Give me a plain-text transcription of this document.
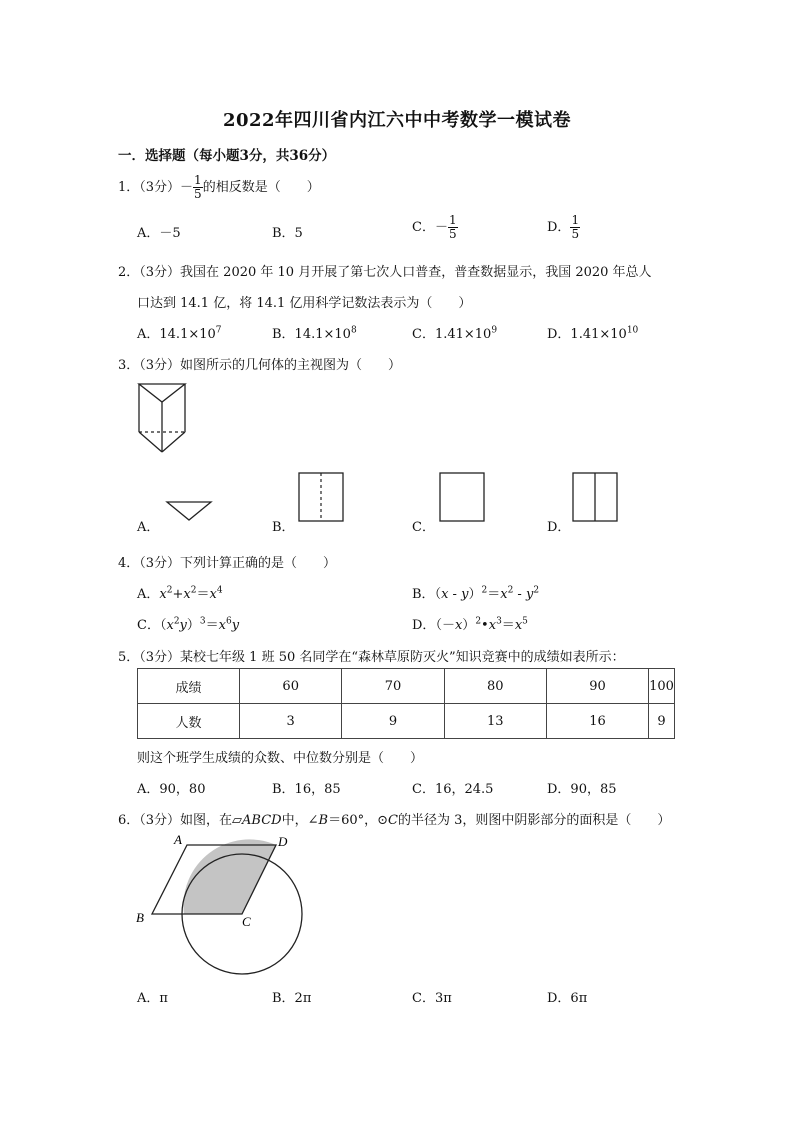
2022年四川省内江六中中考数学一模试卷
一．选择题（每小题3分，共36分）
1．（3分）－ $\frac{1}{5}$ 的相反数是（　　）
A．－5	B．5	C．－ $\frac{1}{5}$	D． $\frac{1}{5}$
2．（3分）我国在 2020 年 10 月开展了第七次人口普查，普查数据显示，我国 2020 年总人
口达到 14.1 亿，将 14.1 亿用科学记数法表示为（　　）
A．$14.1\times 10^7$	B．$14.1\times 10^8$	C．$1.41\times 10^9$	D．$1.41\times 10^{10}$
3．（3分）如图所示的几何体的主视图为（　　）
A．	B．	C．	D．
4．（3分）下列计算正确的是（　　）
A．$x^2+x^2=x^4$	B．$(x - y)^2=x^2 - y^2$
C．$(x^2y)^3=x^6y$	D．$(-x)^2•x^3=x^5$
5．（3分）某校七年级 1 班 50 名同学在“森林草原防灭火”知识竞赛中的成绩如表所示：
成绩	60	70	80	90	100
人数	3	9	13	16	9
则这个班学生成绩的众数、中位数分别是（　　）
A．90，80	B．16，85	C．16，24.5	D．90，85
6．（3分）如图，在▱ABCD中，∠B＝60°，⊙C的半径为 3，则图中阴影部分的面积是（　　）
A	D
B	C
A．π	B．2π	C．3π	D．6π
